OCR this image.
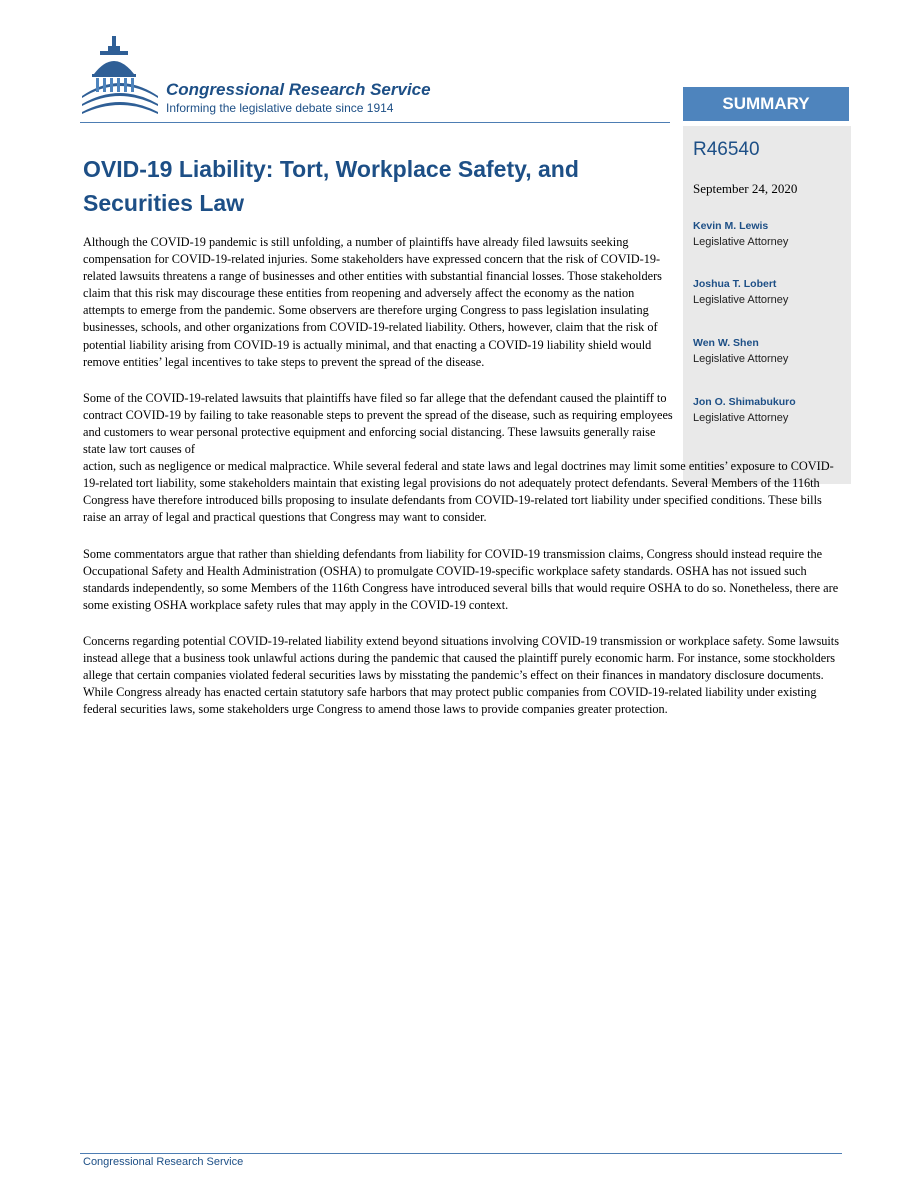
Congressional Research Service

Informing the legislative debate since 1914	SUMMARY

R46540

September 24, 2020

Kevin M. Lewis
Legislative Attorney
Joshua T. Lobert
Legislative Attorney
Wen W. Shen
Legislative Attorney
Jon O. Shimabukuro
Legislative Attorney
OVID-19 Liability: Tort, Workplace Safety, and Securities Law

Although the COVID-19 pandemic is still unfolding, a number of plaintiffs have already filed lawsuits seeking compensation for COVID-19-related injuries. Some stakeholders have expressed concern that the risk of COVID-19-related lawsuits threatens a range of businesses and other entities with substantial financial losses. Those stakeholders claim that this risk may discourage these entities from reopening and adversely affect the economy as the nation attempts to emerge from the pandemic. Some observers are therefore urging Congress to pass legislation insulating businesses, schools, and other organizations from COVID-19-related liability. Others, however, claim that the risk of potential liability arising from COVID-19 is actually minimal, and that enacting a COVID-19 liability shield would remove entities’ legal incentives to take steps to prevent the spread of the disease.

Some of the COVID-19-related lawsuits that plaintiffs have filed so far allege that the defendant caused the plaintiff to contract COVID-19 by failing to take reasonable steps to prevent the spread of the disease, such as requiring employees and customers to wear personal protective equipment and enforcing social distancing. These lawsuits generally raise state law tort causes of

action, such as negligence or medical malpractice. While several federal and state laws and legal doctrines may limit some entities’ exposure to COVID-19-related tort liability, some stakeholders maintain that existing legal provisions do not adequately protect defendants. Several Members of the 116th Congress have therefore introduced bills proposing to insulate defendants from COVID-19-related tort liability under specified conditions. These bills raise an array of legal and practical questions that Congress may want to consider.

Some commentators argue that rather than shielding defendants from liability for COVID-19 transmission claims, Congress should instead require the Occupational Safety and Health Administration (OSHA) to promulgate COVID-19-specific workplace safety standards. OSHA has not issued such standards independently, so some Members of the 116th Congress have introduced several bills that would require OSHA to do so. Nonetheless, there are some existing OSHA workplace safety rules that may apply in the COVID-19 context.

Concerns regarding potential COVID-19-related liability extend beyond situations involving COVID-19 transmission or workplace safety. Some lawsuits instead allege that a business took unlawful actions during the pandemic that caused the plaintiff purely economic harm. For instance, some stockholders allege that certain companies violated federal securities laws by misstating the pandemic’s effect on their finances in mandatory disclosure documents. While Congress already has enacted certain statutory safe harbors that may protect public companies from COVID-19-related liability under existing federal securities laws, some stakeholders urge Congress to amend those laws to provide companies greater protection.

Congressional Research Service
